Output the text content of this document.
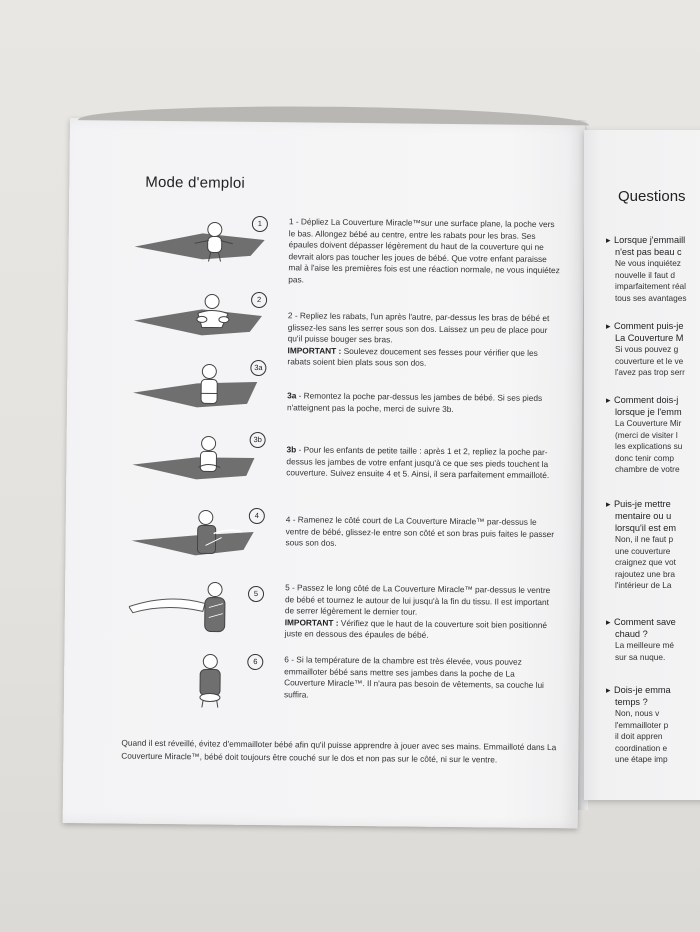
Mode d'emploi
1	1 - Dépliez La Couverture Miracle™sur une surface plane, la poche vers le bas. Allongez bébé au centre, entre les rabats pour les bras. Ses épaules doivent dépasser légèrement du haut de la couverture qui ne devrait alors pas toucher les joues de bébé. Que votre enfant paraisse mal à l'aise les premières fois est une réaction normale, ne vous inquiétez pas.
2
2 - Repliez les rabats, l'un après l'autre, par-dessus les bras de bébé et glissez-les sans les serrer sous son dos. Laissez un peu de place pour qu'il puisse bouger ses bras.
IMPORTANT : Soulevez doucement ses fesses pour vérifier que les rabats soient bien plats sous son dos.
3a
3a - Remontez la poche par-dessus les jambes de bébé. Si ses pieds n'atteignent pas la poche, merci de suivre 3b.
3b
3b - Pour les enfants de petite taille : après 1 et 2, repliez la poche par-dessus les jambes de votre enfant jusqu'à ce que ses pieds touchent la couverture. Suivez ensuite 4 et 5. Ainsi, il sera parfaitement emmailloté.
4	4 - Ramenez le côté court de La Couverture Miracle™ par-dessus le ventre de bébé, glissez-le entre son côté et son bras puis faites le passer sous son dos.
5	5 - Passez le long côté de La Couverture Miracle™ par-dessus le ventre de bébé et tournez le autour de lui jusqu'à la fin du tissu. Il est important de serrer légèrement le dernier tour.
IMPORTANT : Vérifiez que le haut de la couverture soit bien positionné juste en dessous des épaules de bébé.
6	6 - Si la température de la chambre est très élevée, vous pouvez emmailloter bébé sans mettre ses jambes dans la poche de La Couverture Miracle™. Il n'aura pas besoin de vêtements, sa couche lui suffira.
Quand il est réveillé, évitez d'emmailloter bébé afin qu'il puisse apprendre à jouer avec ses mains. Emmailloté dans La Couverture Miracle™, bébé doit toujours être couché sur le dos et non pas sur le côté, ni sur le ventre.
Questions
▸ Lorsque j'emmaill
n'est pas beau c
Ne vous inquiétez
nouvelle il faut d
imparfaitement réal
tous ses avantages
▸ Comment puis-je
La Couverture M
Si vous pouvez g
couverture et le ve
l'avez pas trop serr
▸ Comment dois-j
lorsque je l'emm
La Couverture Mir
(merci de visiter l
les explications su
donc tenir comp
chambre de votre
▸ Puis-je mettre
mentaire ou u
lorsqu'il est em
Non, il ne faut p
une couverture
craignez que vot
rajoutez une bra
l'intérieur de La
▸ Comment save
chaud ?
La meilleure mé
sur sa nuque.
▸ Dois-je emma
temps ?
Non, nous v
l'emmailloter p
il doit appren
coordination e
une étape imp
